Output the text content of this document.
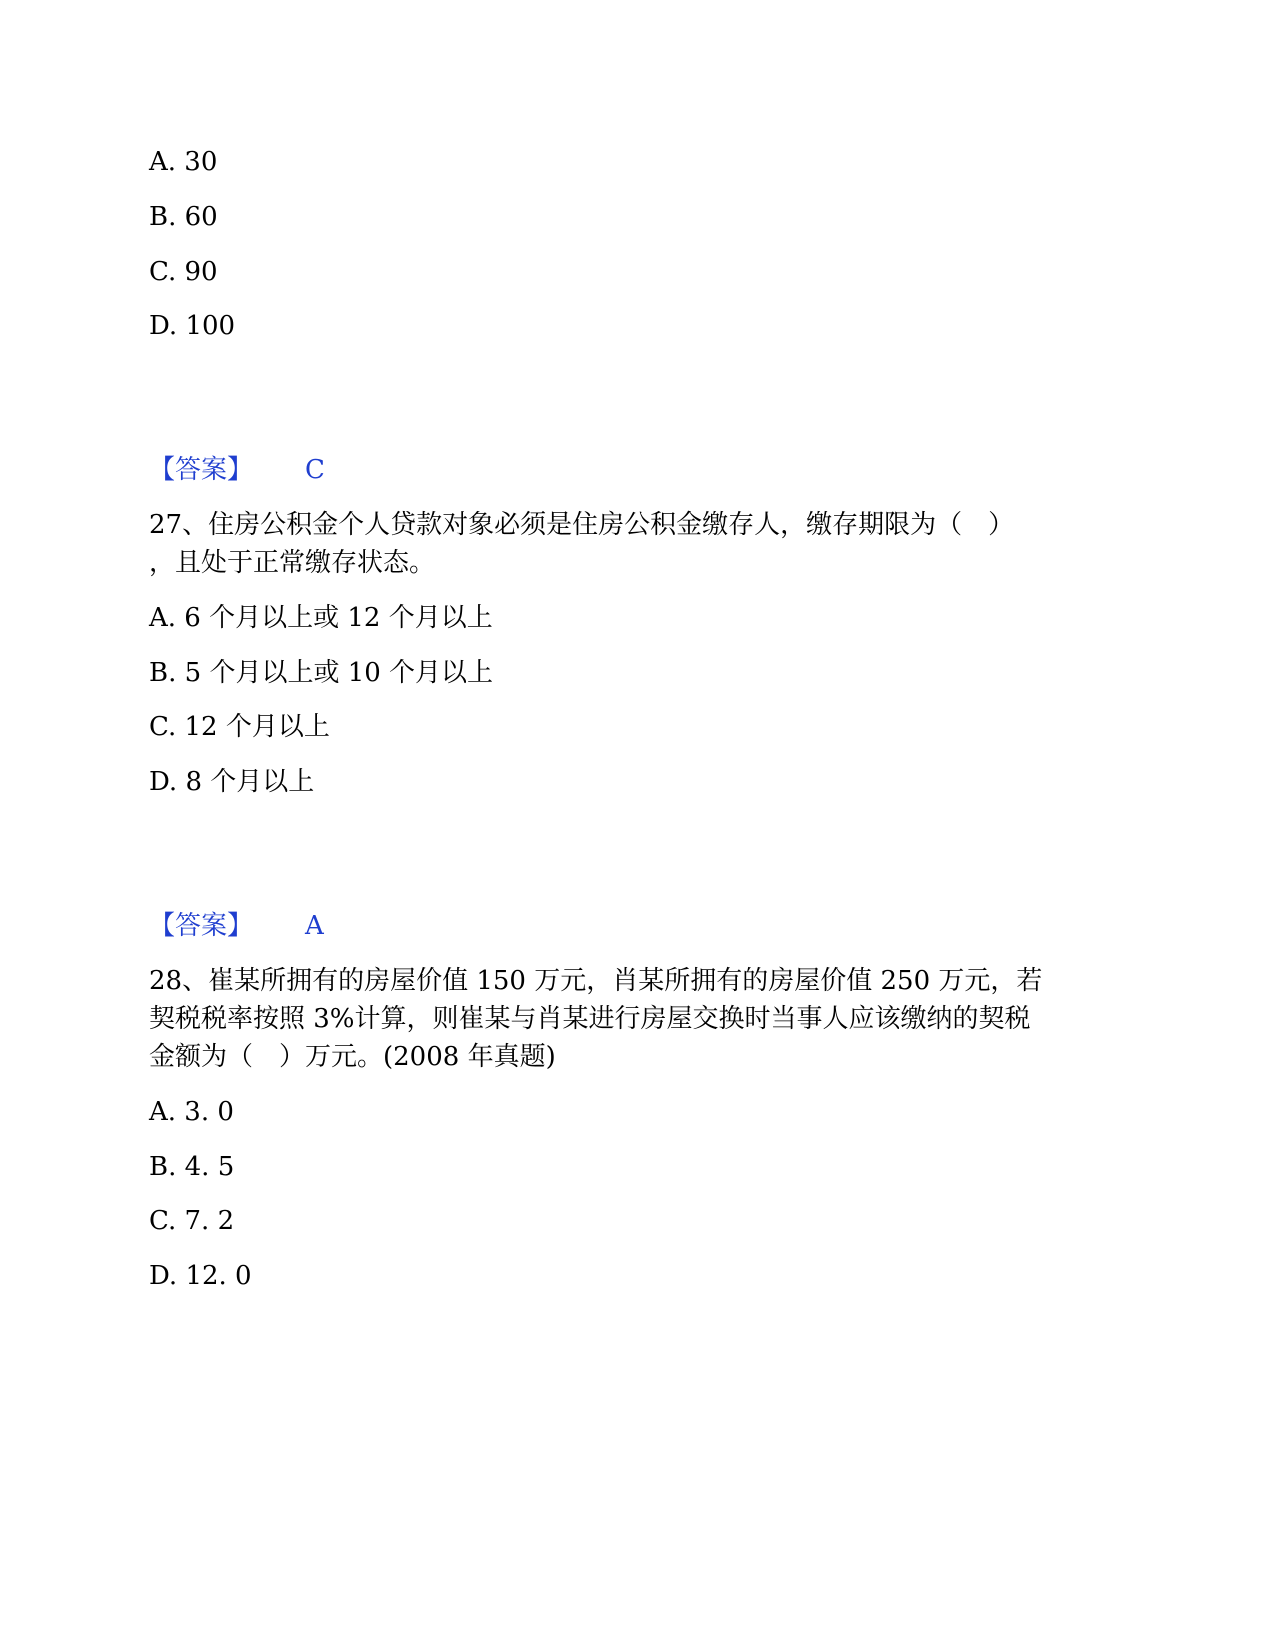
A. 30
B. 60
C. 90
D. 100
【答案】 C
27、住房公积金个人贷款对象必须是住房公积金缴存人，缴存期限为（　）
，且处于正常缴存状态。
A. 6 个月以上或 12 个月以上
B. 5 个月以上或 10 个月以上
C. 12 个月以上
D. 8 个月以上
【答案】 A
28、崔某所拥有的房屋价值 150 万元，肖某所拥有的房屋价值 250 万元，若
契税税率按照 3%计算，则崔某与肖某进行房屋交换时当事人应该缴纳的契税
金额为（　）万元。(2008 年真题)
A. 3. 0
B. 4. 5
C. 7. 2
D. 12. 0
